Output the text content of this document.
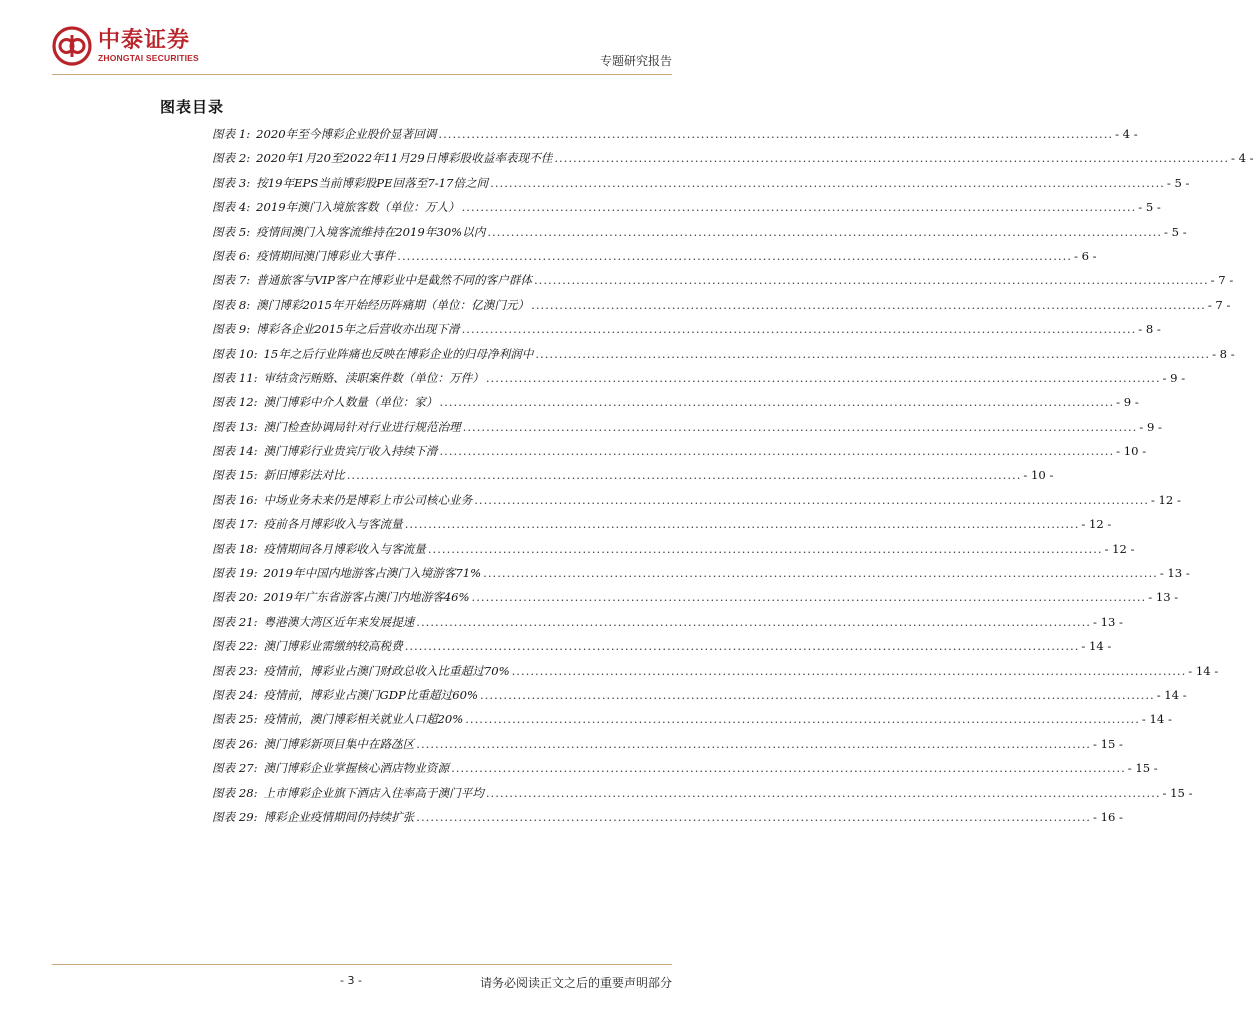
中泰证券
ZHONGTAI SECURITIES	专题研究报告
图表目录
图表 1: 2020年至今博彩企业股价显著回调 .....	- 4 -
图表 2: 2020年1月20至2022年11月29日博彩股收益率表现不佳 .....	- 4 -
图表 3: 按19年EPS当前博彩股PE回落至7-17倍之间 .....	- 5 -
图表 4: 2019年澳门入境旅客数（单位：万人） .....	- 5 -
图表 5: 疫情间澳门入境客流维持在2019年30%以内 .....	- 5 -
图表 6: 疫情期间澳门博彩业大事件 .....	- 6 -
图表 7: 普通旅客与VIP客户在博彩业中是截然不同的客户群体 .....	- 7 -
图表 8: 澳门博彩2015年开始经历阵痛期（单位：亿澳门元） .....	- 7 -
图表 9: 博彩各企业2015年之后营收亦出现下滑 .....	- 8 -
图表 10: 15年之后行业阵痛也反映在博彩企业的归母净利润中 .....	- 8 -
图表 11: 审结贪污贿赂、渎职案件数（单位：万件） .....	- 9 -
图表 12: 澳门博彩中介人数量（单位：家） .....	- 9 -
图表 13: 澳门检查协调局针对行业进行规范治理 .....	- 9 -
图表 14: 澳门博彩行业贵宾厅收入持续下滑 .....	- 10 -
图表 15: 新旧博彩法对比 .....	- 10 -
图表 16: 中场业务未来仍是博彩上市公司核心业务 .....	- 12 -
图表 17: 疫前各月博彩收入与客流量 .....	- 12 -
图表 18: 疫情期间各月博彩收入与客流量 .....	- 12 -
图表 19: 2019年中国内地游客占澳门入境游客71% .....	- 13 -
图表 20: 2019年广东省游客占澳门内地游客46% .....	- 13 -
图表 21: 粤港澳大湾区近年来发展提速 .....	- 13 -
图表 22: 澳门博彩业需缴纳较高税费 .....	- 14 -
图表 23: 疫情前，博彩业占澳门财政总收入比重超过70% .....	- 14 -
图表 24: 疫情前，博彩业占澳门GDP比重超过60% .....	- 14 -
图表 25: 疫情前，澳门博彩相关就业人口超20% .....	- 14 -
图表 26: 澳门博彩新项目集中在路氹区 .....	- 15 -
图表 27: 澳门博彩企业掌握核心酒店物业资源 .....	- 15 -
图表 28: 上市博彩企业旗下酒店入住率高于澳门平均 .....	- 15 -
图表 29: 博彩企业疫情期间仍持续扩张 .....	- 16 -
- 3 -	请务必阅读正文之后的重要声明部分
